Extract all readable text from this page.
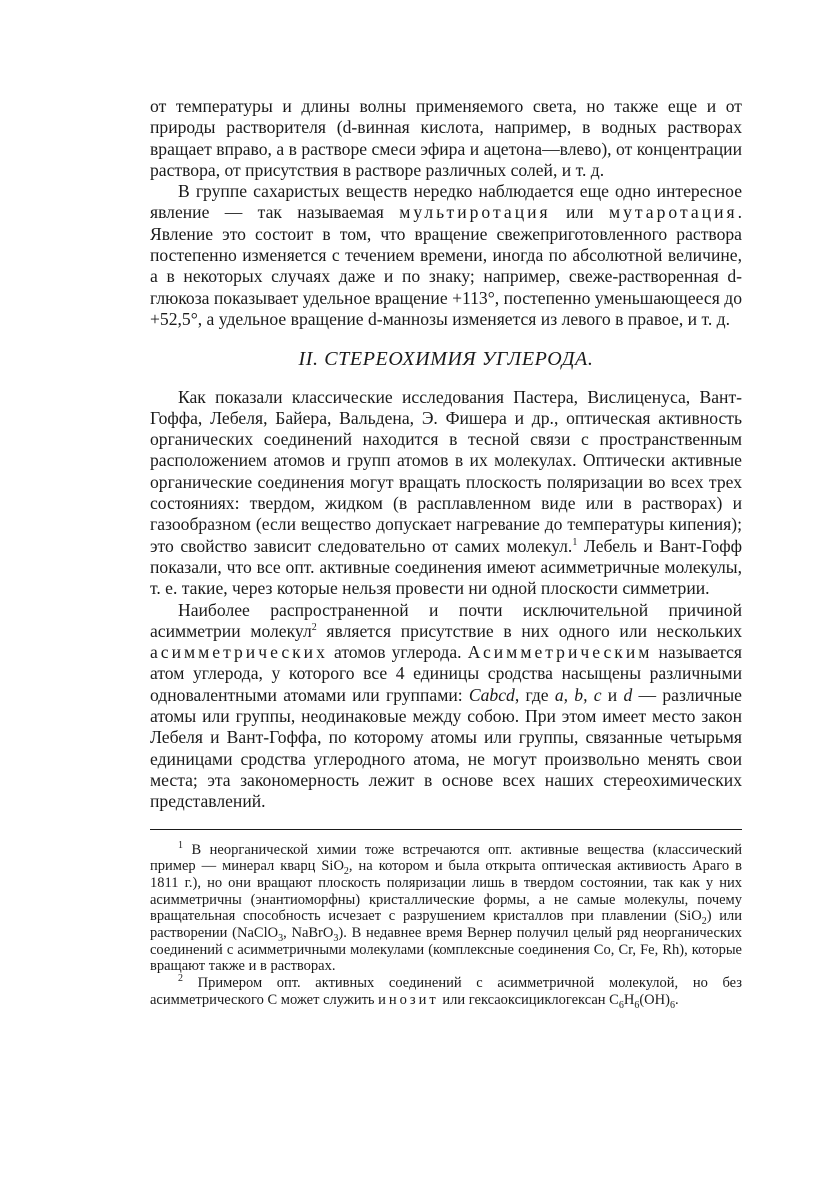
от температуры и длины волны применяемого света, но также еще и от природы растворителя (d-винная кислота, например, в водных растворах вращает вправо, а в растворе смеси эфира и ацетона—влево), от концентрации раствора, от присутствия в растворе различных солей, и т. д.

В группе сахаристых веществ нередко наблюдается еще одно интересное явление — так называемая мультиротация или мутаротация. Явление это состоит в том, что вращение свежеприготовленного раствора постепенно изменяется с течением времени, иногда по абсолютной величине, а в некоторых случаях даже и по знаку; например, свеже-растворенная d-глюкоза показывает удельное вращение +113°, постепенно уменьшающееся до +52,5°, а удельное вращение d-маннозы изменяется из левого в правое, и т. д.

II. СТЕРЕОХИМИЯ УГЛЕРОДА.

Как показали классические исследования Пастера, Вислиценуса, Вант-Гоффа, Лебеля, Байера, Вальдена, Э. Фишера и др., оптическая активность органических соединений находится в тесной связи с пространственным расположением атомов и групп атомов в их молекулах. Оптически активные органические соединения могут вращать плоскость поляризации во всех трех состояниях: твердом, жидком (в расплавленном виде или в растворах) и газообразном (если вещество допускает нагревание до температуры кипения); это свойство зависит следовательно от самих молекул.$^1$ Лебель и Вант-Гофф показали, что все опт. активные соединения имеют асимметричные молекулы, т. е. такие, через которые нельзя провести ни одной плоскости симметрии.

Наиболее распространенной и почти исключительной причиной асимметрии молекул$^2$ является присутствие в них одного или нескольких асимметрических атомов углерода. Асимметрическим называется атом углерода, у которого все 4 единицы сродства насыщены различными одновалентными атомами или группами: Cabcd, где a, b, c и d — различные атомы или группы, неодинаковые между собою. При этом имеет место закон Лебеля и Вант-Гоффа, по которому атомы или группы, связанные четырьмя единицами сродства углеродного атома, не могут произвольно менять свои места; эта закономерность лежит в основе всех наших стереохимических представлений.

$^1$ В неорганической химии тоже встречаются опт. активные вещества (классический пример — минерал кварц SiO$_2$, на котором и была открыта оптическая активиость Араго в 1811 г.), но они вращают плоскость поляризации лишь в твердом состоянии, так как у них асимметричны (энантиоморфны) кристаллические формы, а не самые молекулы, почему вращательная способность исчезает с разрушением кристаллов при плавлении (SiO$_2$) или растворении (NaClO$_3$, NaBrO$_3$). В недавнее время Вернер получил целый ряд неорганических соединений с асимметричными молекулами (комплексные соединения Co, Cr, Fe, Rh), которые вращают также и в растворах.

$^2$ Примером опт. активных соединений с асимметричной молекулой, но без асимметрического C может служить инозит или гексаоксициклогексан $C_6H_6(OH)_6$.
